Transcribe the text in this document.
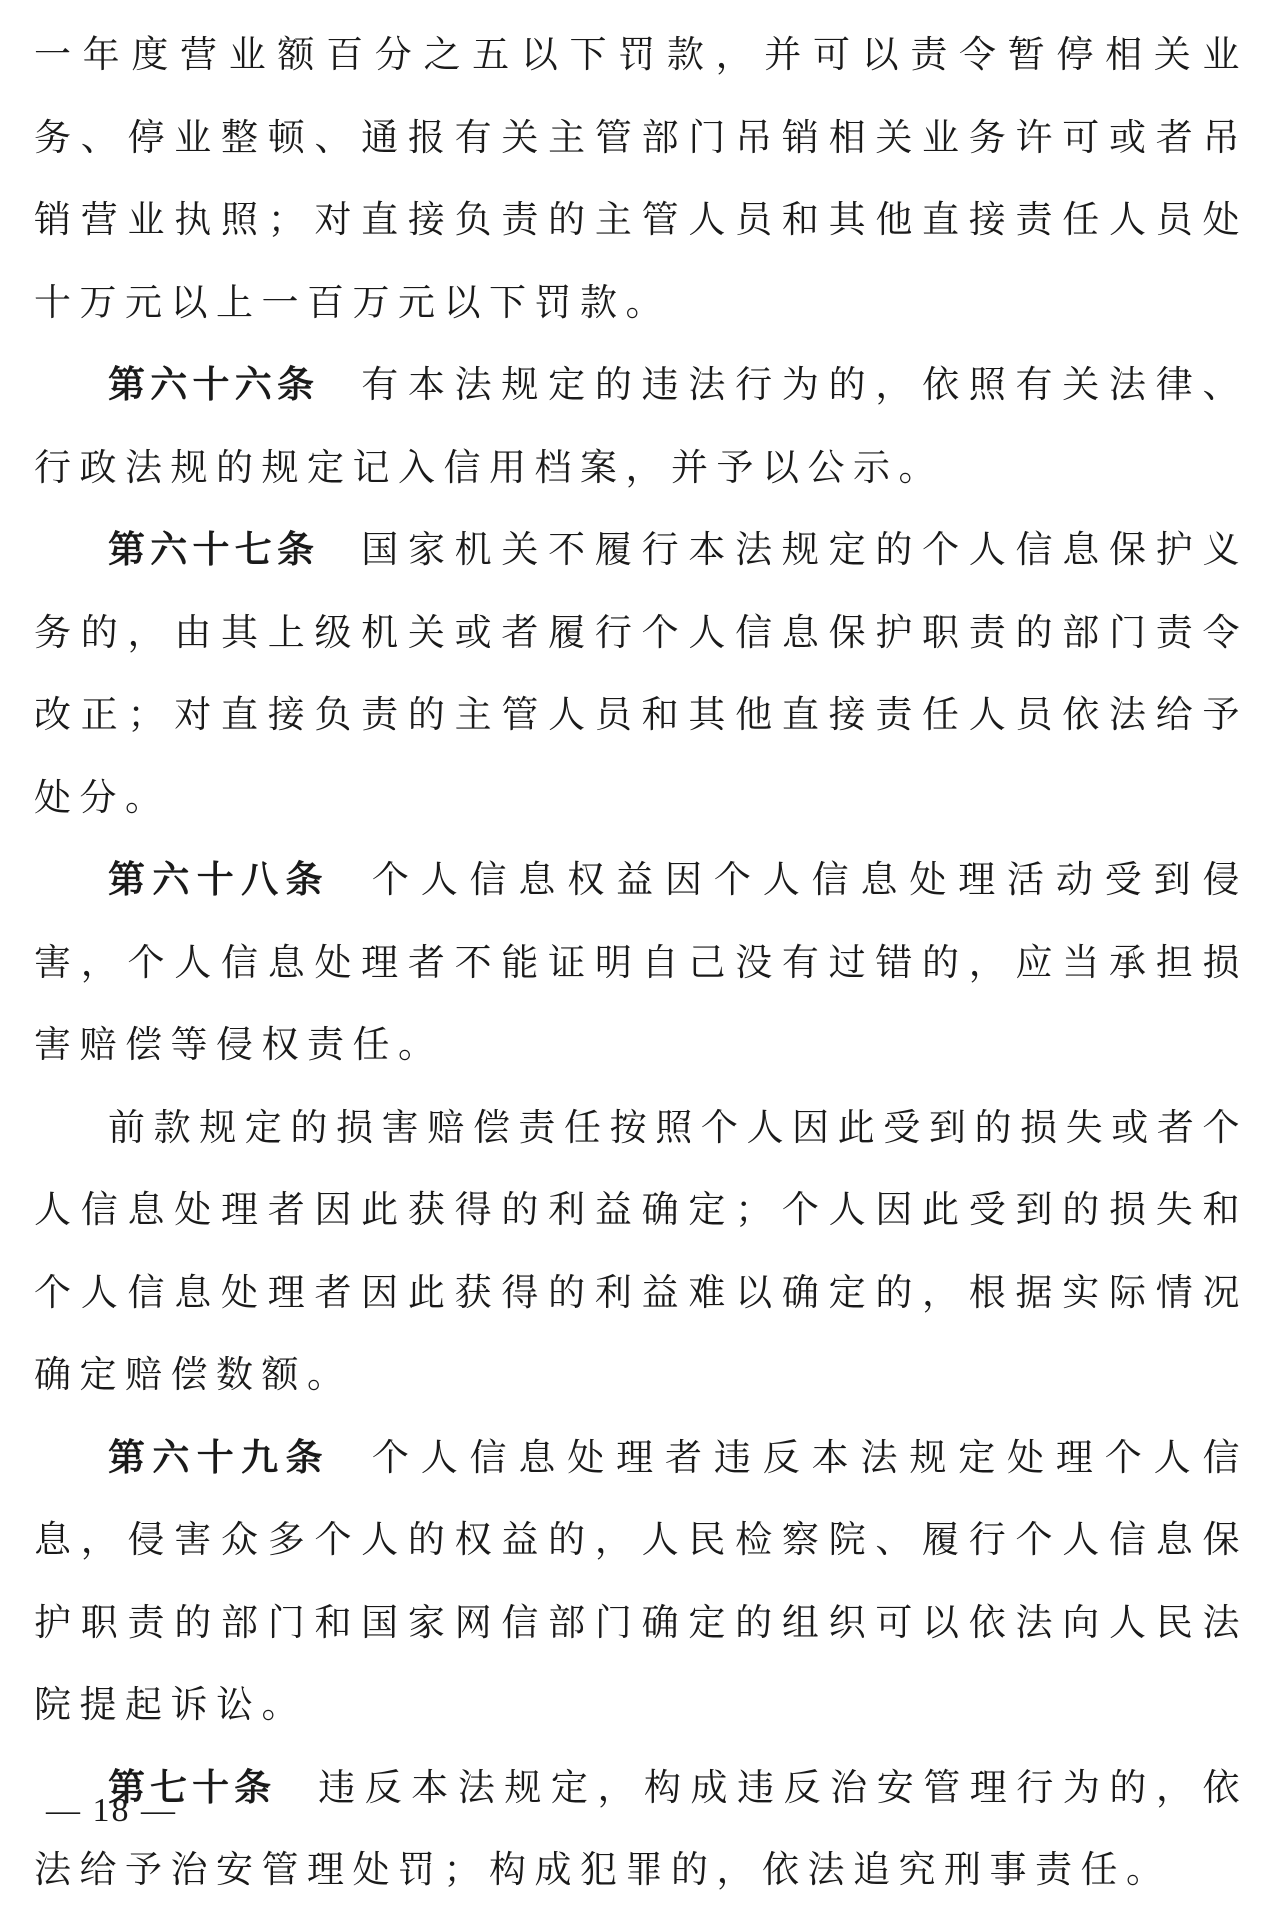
一年度营业额百分之五以下罚款，并可以责令暂停相关业务、停业整顿、通报有关主管部门吊销相关业务许可或者吊销营业执照；对直接负责的主管人员和其他直接责任人员处十万元以上一百万元以下罚款。

第六十六条 有本法规定的违法行为的，依照有关法律、行政法规的规定记入信用档案，并予以公示。

第六十七条 国家机关不履行本法规定的个人信息保护义务的，由其上级机关或者履行个人信息保护职责的部门责令改正；对直接负责的主管人员和其他直接责任人员依法给予处分。

第六十八条 个人信息权益因个人信息处理活动受到侵害，个人信息处理者不能证明自己没有过错的，应当承担损害赔偿等侵权责任。

前款规定的损害赔偿责任按照个人因此受到的损失或者个人信息处理者因此获得的利益确定；个人因此受到的损失和个人信息处理者因此获得的利益难以确定的，根据实际情况确定赔偿数额。

第六十九条 个人信息处理者违反本法规定处理个人信息，侵害众多个人的权益的，人民检察院、履行个人信息保护职责的部门和国家网信部门确定的组织可以依法向人民法院提起诉讼。

第七十条 违反本法规定，构成违反治安管理行为的，依法给予治安管理处罚；构成犯罪的，依法追究刑事责任。

— 18 —
